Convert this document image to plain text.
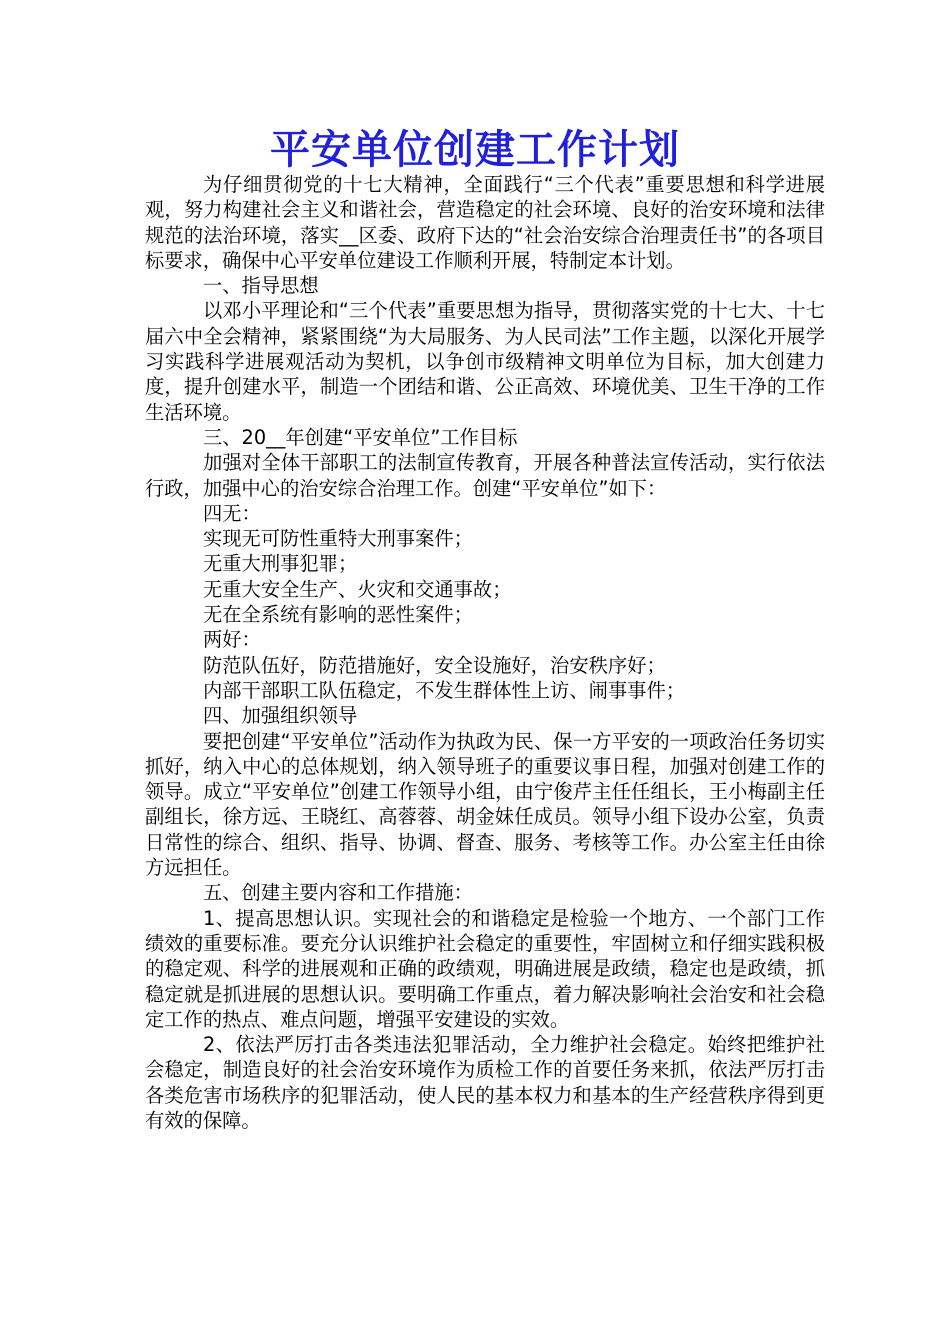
平安单位创建工作计划

为仔细贯彻党的十七大精神，全面践行“三个代表”重要思想和科学进展观，努力构建社会主义和谐社会，营造稳定的社会环境、良好的治安环境和法律规范的法治环境，落实__区委、政府下达的“社会治安综合治理责任书”的各项目标要求，确保中心平安单位建设工作顺利开展，特制定本计划。

一、指导思想

以邓小平理论和“三个代表”重要思想为指导，贯彻落实党的十七大、十七届六中全会精神，紧紧围绕“为大局服务、为人民司法”工作主题，以深化开展学习实践科学进展观活动为契机，以争创市级精神文明单位为目标，加大创建力度，提升创建水平，制造一个团结和谐、公正高效、环境优美、卫生干净的工作生活环境。

三、20__年创建“平安单位”工作目标

加强对全体干部职工的法制宣传教育，开展各种普法宣传活动，实行依法行政，加强中心的治安综合治理工作。创建“平安单位”如下：

四无：

实现无可防性重特大刑事案件；

无重大刑事犯罪；

无重大安全生产、火灾和交通事故；

无在全系统有影响的恶性案件；

两好：

防范队伍好，防范措施好，安全设施好，治安秩序好；

内部干部职工队伍稳定，不发生群体性上访、闹事事件；

四、加强组织领导

要把创建“平安单位”活动作为执政为民、保一方平安的一项政治任务切实抓好，纳入中心的总体规划，纳入领导班子的重要议事日程，加强对创建工作的领导。成立“平安单位”创建工作领导小组，由宁俊芹主任任组长，王小梅副主任副组长，徐方远、王晓红、高蓉蓉、胡金妹任成员。领导小组下设办公室，负责日常性的综合、组织、指导、协调、督查、服务、考核等工作。办公室主任由徐方远担任。

五、创建主要内容和工作措施：

1、提高思想认识。实现社会的和谐稳定是检验一个地方、一个部门工作绩效的重要标准。要充分认识维护社会稳定的重要性，牢固树立和仔细实践积极的稳定观、科学的进展观和正确的政绩观，明确进展是政绩，稳定也是政绩，抓稳定就是抓进展的思想认识。要明确工作重点，着力解决影响社会治安和社会稳定工作的热点、难点问题，增强平安建设的实效。

2、依法严厉打击各类违法犯罪活动，全力维护社会稳定。始终把维护社会稳定，制造良好的社会治安环境作为质检工作的首要任务来抓，依法严厉打击各类危害市场秩序的犯罪活动，使人民的基本权力和基本的生产经营秩序得到更有效的保障。
